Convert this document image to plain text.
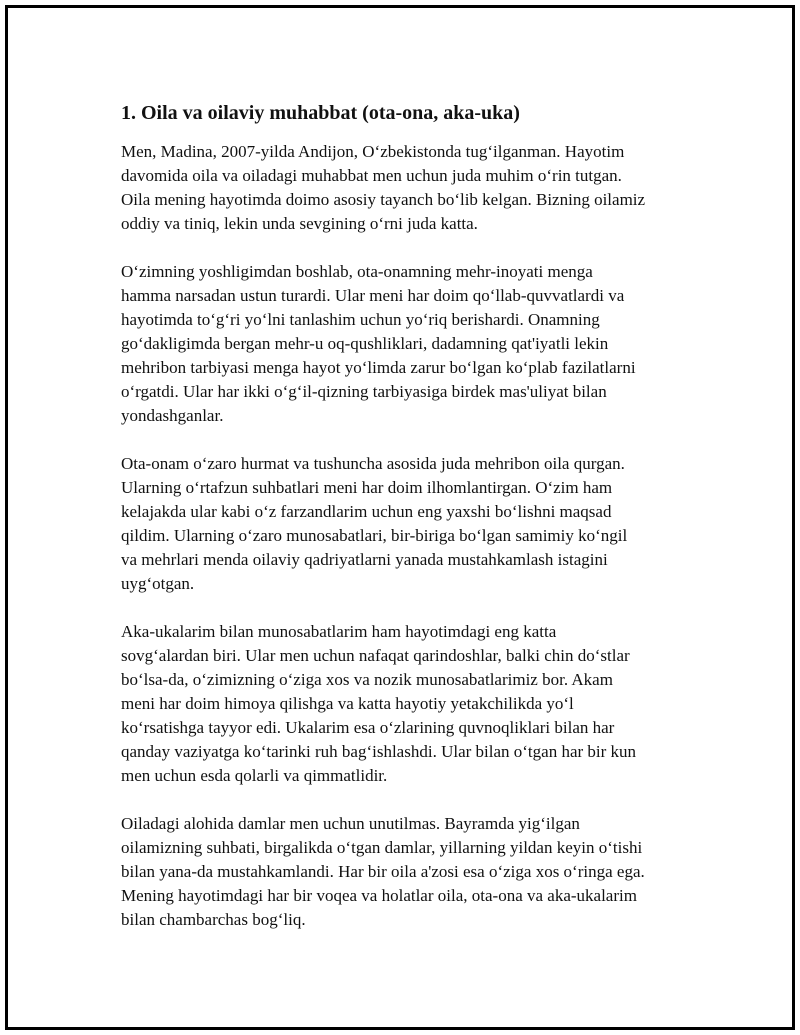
1. Oila va oilaviy muhabbat (ota-ona, aka-uka)

Men, Madina, 2007-yilda Andijon, Oʻzbekistonda tugʻilganman. Hayotim
davomida oila va oiladagi muhabbat men uchun juda muhim oʻrin tutgan.
Oila mening hayotimda doimo asosiy tayanch boʻlib kelgan. Bizning oilamiz
oddiy va tiniq, lekin unda sevgining oʻrni juda katta.

Oʻzimning yoshligimdan boshlab, ota-onamning mehr-inoyati menga
hamma narsadan ustun turardi. Ular meni har doim qoʻllab-quvvatlardi va
hayotimda toʻgʻri yoʻlni tanlashim uchun yoʻriq berishardi. Onamning
goʻdakligimda bergan mehr-u oq-qushliklari, dadamning qat'iyatli lekin
mehribon tarbiyasi menga hayot yoʻlimda zarur boʻlgan koʻplab fazilatlarni
oʻrgatdi. Ular har ikki oʻgʻil-qizning tarbiyasiga birdek mas'uliyat bilan
yondashganlar.

Ota-onam oʻzaro hurmat va tushuncha asosida juda mehribon oila qurgan.
Ularning oʻrtafzun suhbatlari meni har doim ilhomlantirgan. Oʻzim ham
kelajakda ular kabi oʻz farzandlarim uchun eng yaxshi boʻlishni maqsad
qildim. Ularning oʻzaro munosabatlari, bir-biriga boʻlgan samimiy koʻngil
va mehrlari menda oilaviy qadriyatlarni yanada mustahkamlash istagini
uygʻotgan.

Aka-ukalarim bilan munosabatlarim ham hayotimdagi eng katta
sovgʻalardan biri. Ular men uchun nafaqat qarindoshlar, balki chin doʻstlar
boʻlsa-da, oʻzimizning oʻziga xos va nozik munosabatlarimiz bor. Akam
meni har doim himoya qilishga va katta hayotiy yetakchilikda yoʻl
koʻrsatishga tayyor edi. Ukalarim esa oʻzlarining quvnoqliklari bilan har
qanday vaziyatga koʻtarinki ruh bagʻishlashdi. Ular bilan oʻtgan har bir kun
men uchun esda qolarli va qimmatlidir.

Oiladagi alohida damlar men uchun unutilmas. Bayramda yigʻilgan
oilamizning suhbati, birgalikda oʻtgan damlar, yillarning yildan keyin oʻtishi
bilan yana-da mustahkamlandi. Har bir oila a'zosi esa oʻziga xos oʻringa ega.
Mening hayotimdagi har bir voqea va holatlar oila, ota-ona va aka-ukalarim
bilan chambarchas bogʻliq.
